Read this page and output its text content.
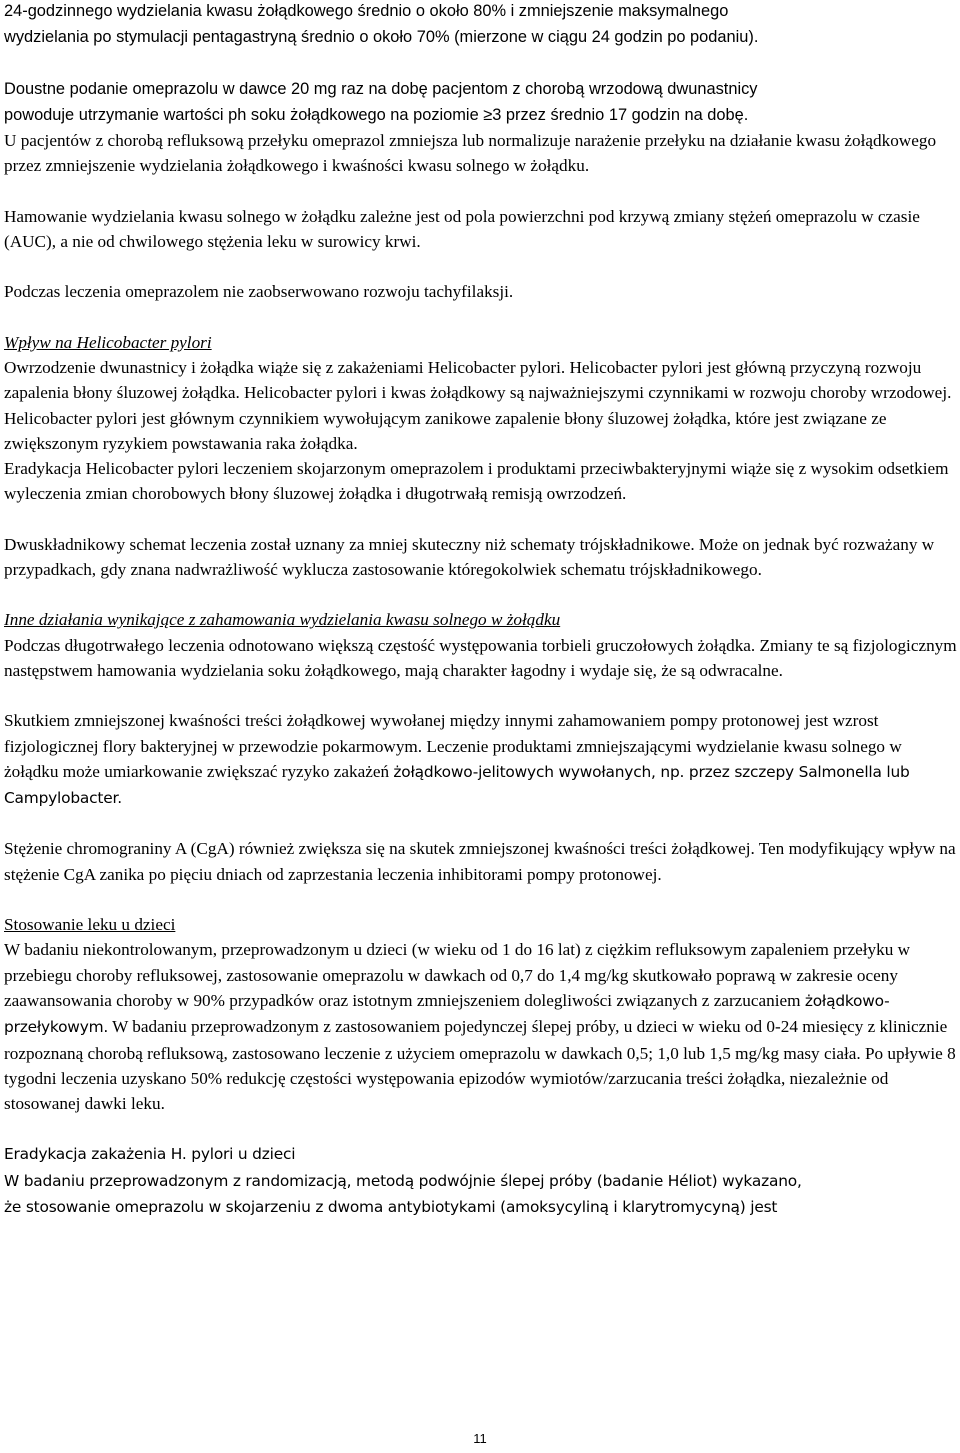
24-godzinnego wydzielania kwasu żołądkowego średnio o około 80% i zmniejszenie maksymalnego
wydzielania po stymulacji pentagastryną średnio o około 70% (mierzone w ciągu 24 godzin po podaniu).

Doustne podanie omeprazolu w dawce 20 mg raz na dobę pacjentom z chorobą wrzodową dwunastnicy
powoduje utrzymanie wartości ph soku żołądkowego na poziomie ≥3 przez średnio 17 godzin na dobę.

U pacjentów z chorobą refluksową przełyku omeprazol zmniejsza lub normalizuje narażenie przełyku na działanie kwasu żołądkowego przez zmniejszenie wydzielania żołądkowego i kwaśności kwasu solnego w żołądku.

Hamowanie wydzielania kwasu solnego w żołądku zależne jest od pola powierzchni pod krzywą zmiany stężeń omeprazolu w czasie (AUC), a nie od chwilowego stężenia leku w surowicy krwi.

Podczas leczenia omeprazolem nie zaobserwowano rozwoju tachyfilaksji.

Wpływ na Helicobacter pylori

Owrzodzenie dwunastnicy i żołądka wiąże się z zakażeniami Helicobacter pylori. Helicobacter pylori jest główną przyczyną rozwoju zapalenia błony śluzowej żołądka. Helicobacter pylori i kwas żołądkowy są najważniejszymi czynnikami w rozwoju choroby wrzodowej. Helicobacter pylori jest głównym czynnikiem wywołującym zanikowe zapalenie błony śluzowej żołądka, które jest związane ze zwiększonym ryzykiem powstawania raka żołądka.

Eradykacja Helicobacter pylori leczeniem skojarzonym omeprazolem i produktami przeciwbakteryjnymi wiąże się z wysokim odsetkiem wyleczenia zmian chorobowych błony śluzowej żołądka i długotrwałą remisją owrzodzeń.

Dwuskładnikowy schemat leczenia został uznany za mniej skuteczny niż schematy trójskładnikowe. Może on jednak być rozważany w przypadkach, gdy znana nadwrażliwość wyklucza zastosowanie któregokolwiek schematu trójskładnikowego.

Inne działania wynikające z zahamowania wydzielania kwasu solnego w żołądku

Podczas długotrwałego leczenia odnotowano większą częstość występowania torbieli gruczołowych żołądka. Zmiany te są fizjologicznym następstwem hamowania wydzielania soku żołądkowego, mają charakter łagodny i wydaje się, że są odwracalne.

Skutkiem zmniejszonej kwaśności treści żołądkowej wywołanej między innymi zahamowaniem pompy protonowej jest wzrost fizjologicznej flory bakteryjnej w przewodzie pokarmowym. Leczenie produktami zmniejszającymi wydzielanie kwasu solnego w żołądku może umiarkowanie zwiększać ryzyko zakażeń żołądkowo-jelitowych wywołanych, np. przez szczepy Salmonella lub Campylobacter.

Stężenie chromograniny A (CgA) również zwiększa się na skutek zmniejszonej kwaśności treści żołądkowej. Ten modyfikujący wpływ na stężenie CgA zanika po pięciu dniach od zaprzestania leczenia inhibitorami pompy protonowej.

Stosowanie leku u dzieci

W badaniu niekontrolowanym, przeprowadzonym u dzieci (w wieku od 1 do 16 lat) z ciężkim refluksowym zapaleniem przełyku w przebiegu choroby refluksowej, zastosowanie omeprazolu w dawkach od 0,7 do 1,4 mg/kg skutkowało poprawą w zakresie oceny zaawansowania choroby w 90% przypadków oraz istotnym zmniejszeniem dolegliwości związanych z zarzucaniem żołądkowo-przełykowym. W badaniu przeprowadzonym z zastosowaniem pojedynczej ślepej próby, u dzieci w wieku od 0-24 miesięcy z klinicznie rozpoznaną chorobą refluksową, zastosowano leczenie z użyciem omeprazolu w dawkach 0,5; 1,0 lub 1,5 mg/kg masy ciała. Po upływie 8 tygodni leczenia uzyskano 50% redukcję częstości występowania epizodów wymiotów/zarzucania treści żołądka, niezależnie od stosowanej dawki leku.

Eradykacja zakażenia H. pylori u dzieci

W badaniu przeprowadzonym z randomizacją, metodą podwójnie ślepej próby (badanie Héliot) wykazano,
że stosowanie omeprazolu w skojarzeniu z dwoma antybiotykami (amoksycyliną i klarytromycyną) jest

11
